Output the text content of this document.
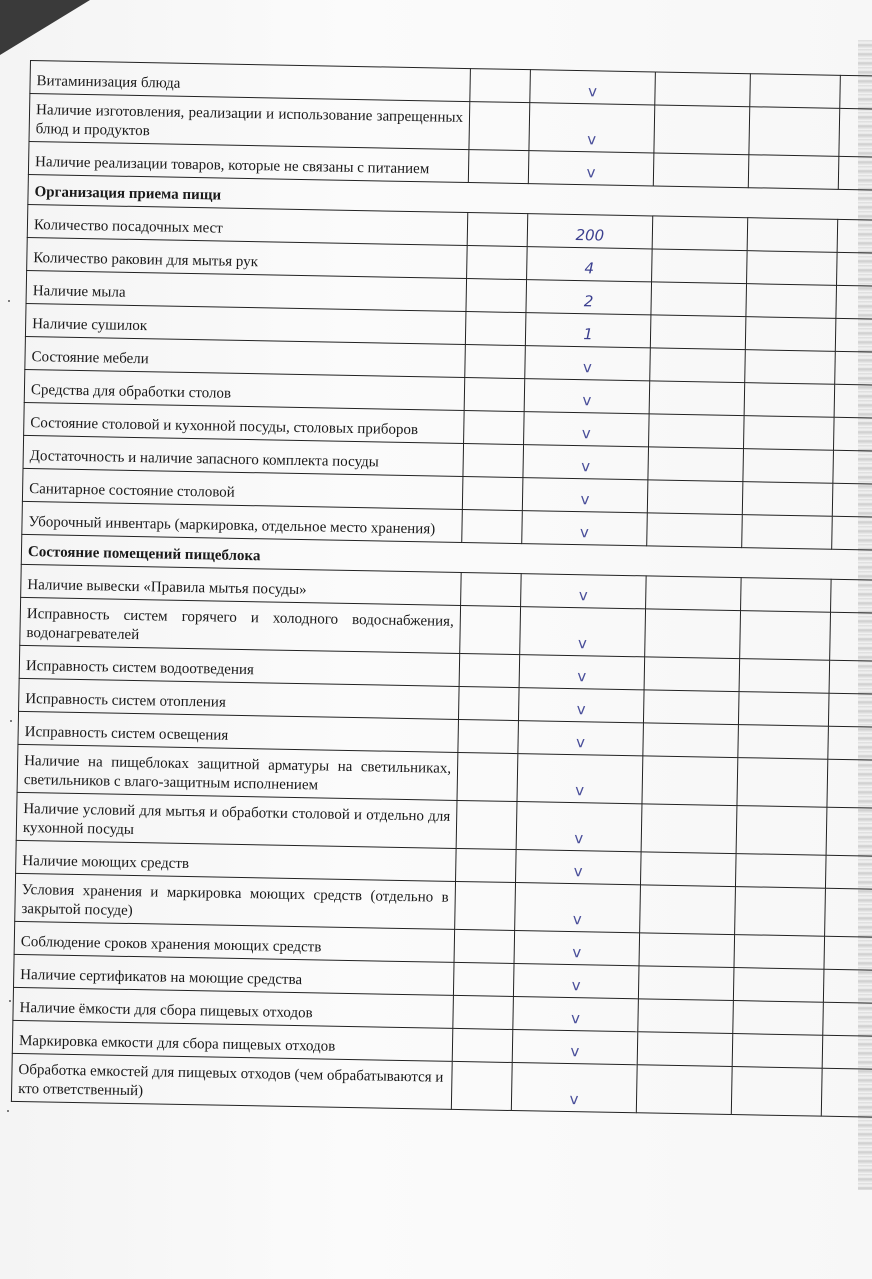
Витаминизация блюда		v			
Наличие изготовления, реализации и использование запрещенных блюд и продуктов		v			
Наличие реализации товаров, которые не связаны с питанием		v			
Организация приема пищи					
Количество посадочных мест		200			
Количество раковин для мытья рук		4			
Наличие мыла		2			
Наличие сушилок		1			
Состояние мебели		v			
Средства для обработки столов		v			
Состояние столовой и кухонной посуды, столовых приборов		v			
Достаточность и наличие запасного комплекта посуды		v			
Санитарное состояние столовой		v			
Уборочный инвентарь (маркировка, отдельное место хранения)		v			
Состояние помещений пищеблока					
Наличие вывески «Правила мытья посуды»		v			
Исправность систем горячего и холодного водоснабжения, водонагревателей		v			
Исправность систем водоотведения		v			
Исправность систем отопления		v			
Исправность систем освещения		v			
Наличие на пищеблоках защитной арматуры на светильниках, светильников с влаго-защитным исполнением		v			
Наличие условий для мытья и обработки столовой и отдельно для кухонной посуды		v			
Наличие моющих средств		v			
Условия хранения и маркировка моющих средств (отдельно в закрытой посуде)		v			
Соблюдение сроков хранения моющих средств		v			
Наличие сертификатов на моющие средства		v			
Наличие ёмкости для сбора пищевых отходов		v			
Маркировка емкости для сбора пищевых отходов		v			
Обработка емкостей для пищевых отходов (чем обрабатываются и кто ответственный)		v			
